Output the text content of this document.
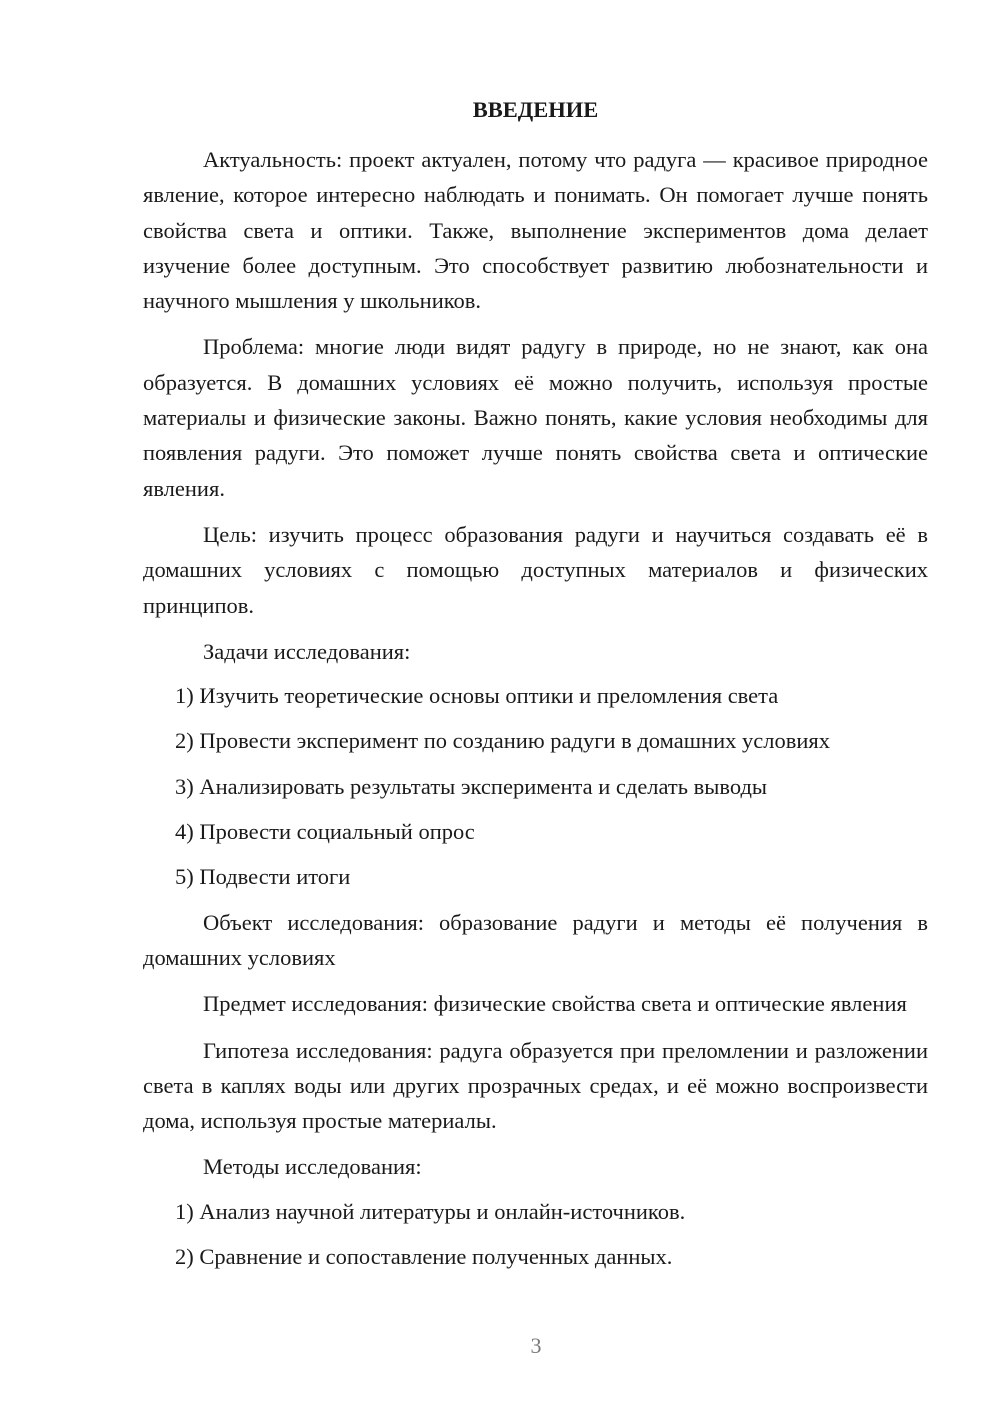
ВВЕДЕНИЕ

Актуальность: проект актуален, потому что радуга — красивое природное явление, которое интересно наблюдать и понимать. Он помогает лучше понять свойства света и оптики. Также, выполнение экспериментов дома делает изучение более доступным. Это способствует развитию любознательности и научного мышления у школьников.

Проблема: многие люди видят радугу в природе, но не знают, как она образуется. В домашних условиях её можно получить, используя простые материалы и физические законы. Важно понять, какие условия необходимы для появления радуги. Это поможет лучше понять свойства света и оптические явления.

Цель: изучить процесс образования радуги и научиться создавать её в домашних условиях с помощью доступных материалов и физических принципов.

Задачи исследования:

1) Изучить теоретические основы оптики и преломления света

2) Провести эксперимент по созданию радуги в домашних условиях

3) Анализировать результаты эксперимента и сделать выводы

4) Провести социальный опрос

5) Подвести итоги

Объект исследования: образование радуги и методы её получения в домашних условиях

Предмет исследования: физические свойства света и оптические явления

Гипотеза исследования: радуга образуется при преломлении и разложении света в каплях воды или других прозрачных средах, и её можно воспроизвести дома, используя простые материалы.

Методы исследования:

1) Анализ научной литературы и онлайн-источников.

2) Сравнение и сопоставление полученных данных.

3
